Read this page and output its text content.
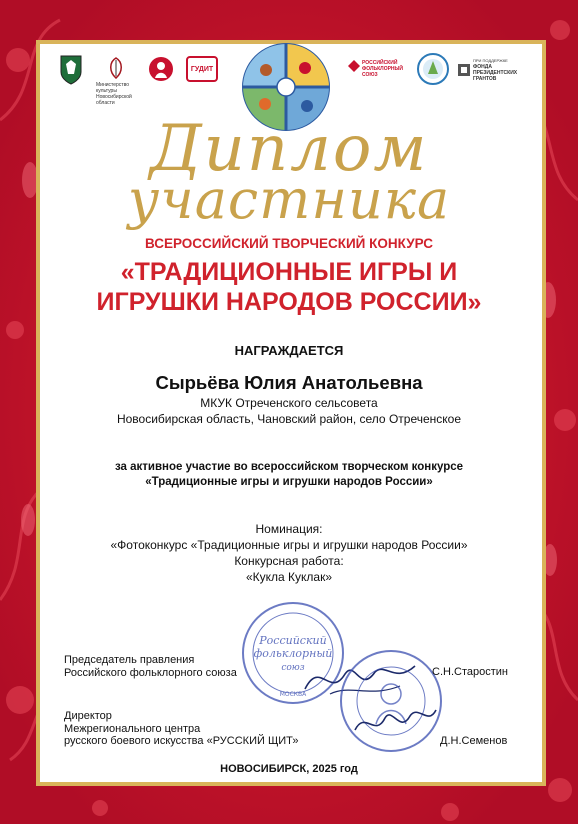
Министерство культуры Новосибирской области
ГУДИТ
РОССИЙСКИЙ ФОЛЬКЛОРНЫЙ СОЮЗ
ПРИ ПОДДЕРЖКЕ
ФОНДА
ПРЕЗИДЕНТСКИХ
ГРАНТОВ
Диплом
участника
ВСЕРОССИЙСКИЙ ТВОРЧЕСКИЙ КОНКУРС
«ТРАДИЦИОННЫЕ ИГРЫ И
ИГРУШКИ НАРОДОВ РОССИИ»
НАГРАЖДАЕТСЯ
Сырьёва Юлия Анатольевна
МКУК Отреченского сельсовета
Новосибирская область, Чановский район, село Отреченское
за активное участие во всероссийском творческом конкурсе
«Традиционные игры и игрушки народов России»
Номинация:
«Фотоконкурс «Традиционные игры и игрушки народов России»
Конкурсная работа:
«Кукла Куклак»
Российский
фольклорный
союз
МОСКВА
Председатель правления
Российского фольклорного союза	С.Н.Старостин
Директор
Межрегионального центра
русского боевого искусства «РУССКИЙ ЩИТ»	Д.Н.Семенов
НОВОСИБИРСК, 2025 год
